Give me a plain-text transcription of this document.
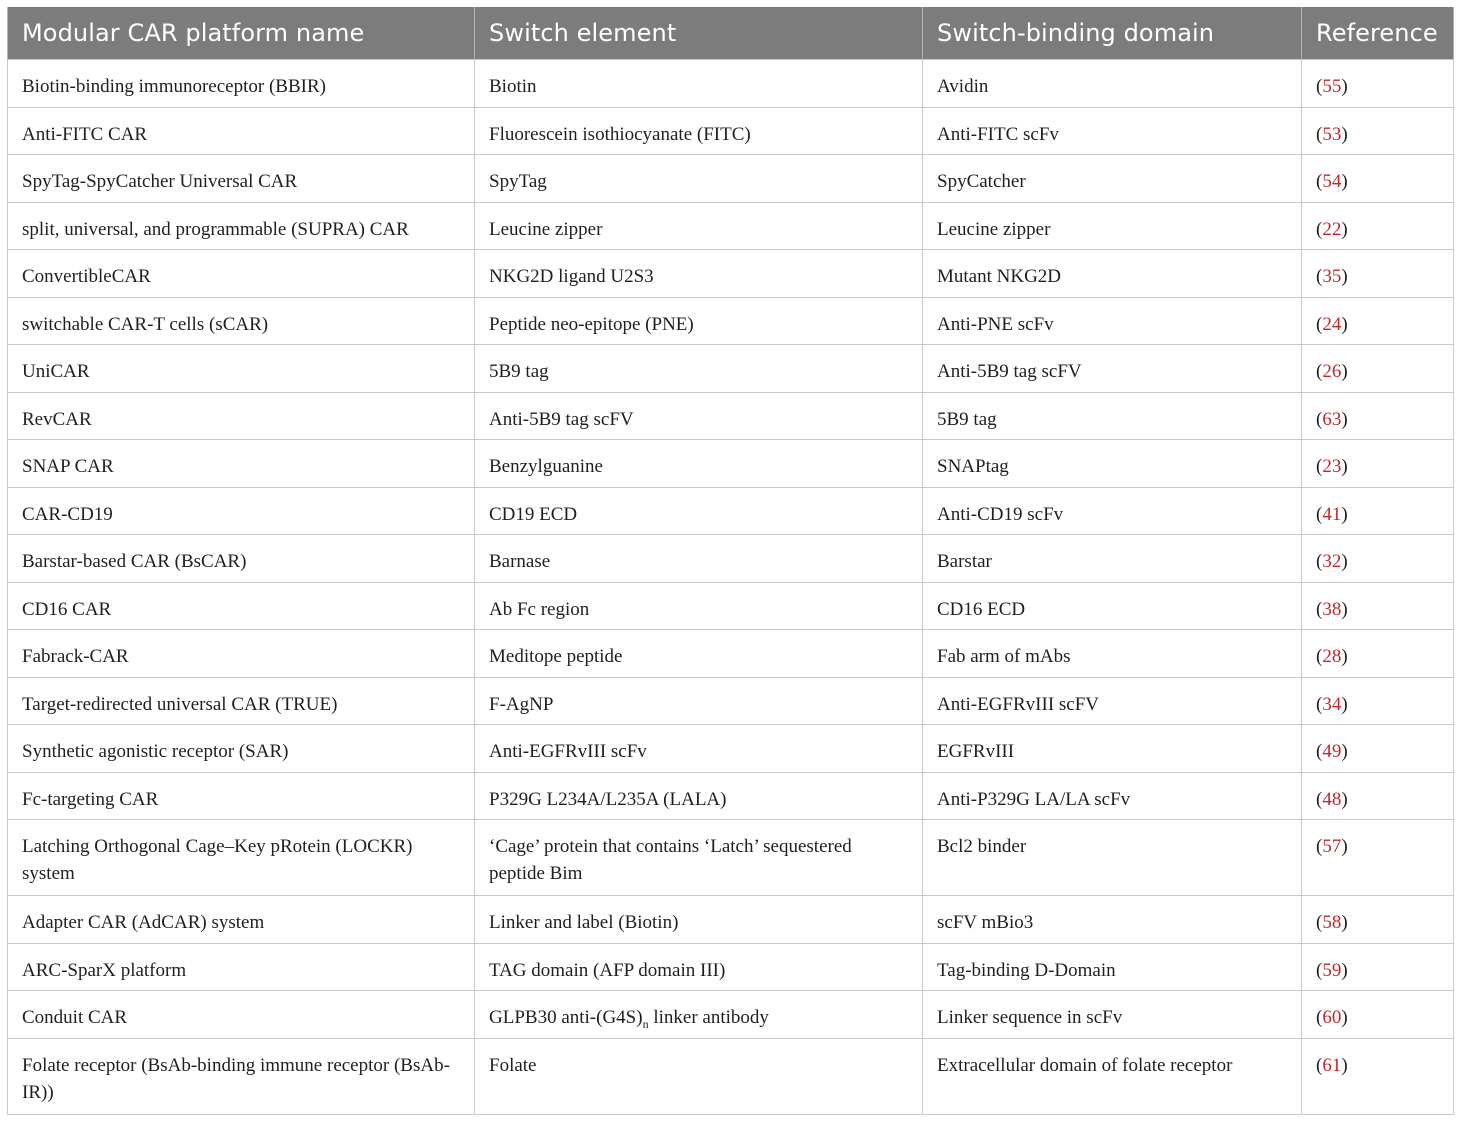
Modular CAR platform name	Switch element	Switch-binding domain	Reference
Biotin-binding immunoreceptor (BBIR)	Biotin	Avidin	(55)
Anti-FITC CAR	Fluorescein isothiocyanate (FITC)	Anti-FITC scFv	(53)
SpyTag-SpyCatcher Universal CAR	SpyTag	SpyCatcher	(54)
split, universal, and programmable (SUPRA) CAR	Leucine zipper	Leucine zipper	(22)
ConvertibleCAR	NKG2D ligand U2S3	Mutant NKG2D	(35)
switchable CAR-T cells (sCAR)	Peptide neo-epitope (PNE)	Anti-PNE scFv	(24)
UniCAR	5B9 tag	Anti-5B9 tag scFV	(26)
RevCAR	Anti-5B9 tag scFV	5B9 tag	(63)
SNAP CAR	Benzylguanine	SNAPtag	(23)
CAR-CD19	CD19 ECD	Anti-CD19 scFv	(41)
Barstar-based CAR (BsCAR)	Barnase	Barstar	(32)
CD16 CAR	Ab Fc region	CD16 ECD	(38)
Fabrack-CAR	Meditope peptide	Fab arm of mAbs	(28)
Target-redirected universal CAR (TRUE)	F-AgNP	Anti-EGFRvIII scFV	(34)
Synthetic agonistic receptor (SAR)	Anti-EGFRvIII scFv	EGFRvIII	(49)
Fc-targeting CAR	P329G L234A/L235A (LALA)	Anti-P329G LA/LA scFv	(48)
Latching Orthogonal Cage–Key pRotein (LOCKR) system	‘Cage’ protein that contains ‘Latch’ sequestered peptide Bim	Bcl2 binder	(57)
Adapter CAR (AdCAR) system	Linker and label (Biotin)	scFV mBio3	(58)
ARC-SparX platform	TAG domain (AFP domain III)	Tag-binding D-Domain	(59)
Conduit CAR	GLPB30 anti-$(G4S)_n$ linker antibody	Linker sequence in scFv	(60)
Folate receptor (BsAb-binding immune receptor (BsAb-IR))	Folate	Extracellular domain of folate receptor	(61)
